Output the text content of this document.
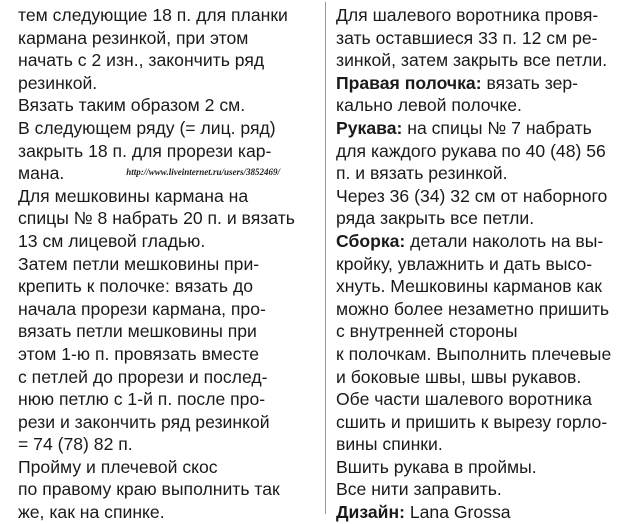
тем следующие 18 п. для планки
кармана резинкой, при этом
начать с 2 изн., закончить ряд
резинкой.
Вязать таким образом 2 см.
В следующем ряду (= лиц. ряд)
закрыть 18 п. для прорези кар-
мана.	$^{http://www.liveinternet.ru/users/3852469/}$
Для мешковины кармана на
спицы № 8 набрать 20 п. и вязать
13 см лицевой гладью.
Затем петли мешковины при-
крепить к полочке: вязать до
начала прорези кармана, про-
вязать петли мешковины при
этом 1-ю п. провязать вместе
с петлей до прорези и послед-
нюю петлю с 1-й п. после про-
рези и закончить ряд резинкой
= 74 (78) 82 п.
Пройму и плечевой скос
по правому краю выполнить так
же, как на спинке.
Для шалевого воротника провя-
зать оставшиеся 33 п. 12 см ре-
зинкой, затем закрыть все петли.
Правая полочка: вязать зер-
кально левой полочке.
Рукава: на спицы № 7 набрать
для каждого рукава по 40 (48) 56
п. и вязать резинкой.
Через 36 (34) 32 см от наборного
ряда закрыть все петли.
Сборка: детали наколоть на вы-
кройку, увлажнить и дать высо-
хнуть. Мешковины карманов как
можно более незаметно пришить
с внутренней стороны
к полочкам. Выполнить плечевые
и боковые швы, швы рукавов.
Обе части шалевого воротника
сшить и пришить к вырезу горло-
вины спинки.
Вшить рукава в проймы.
Все нити заправить.
Дизайн: Lana Grossa
